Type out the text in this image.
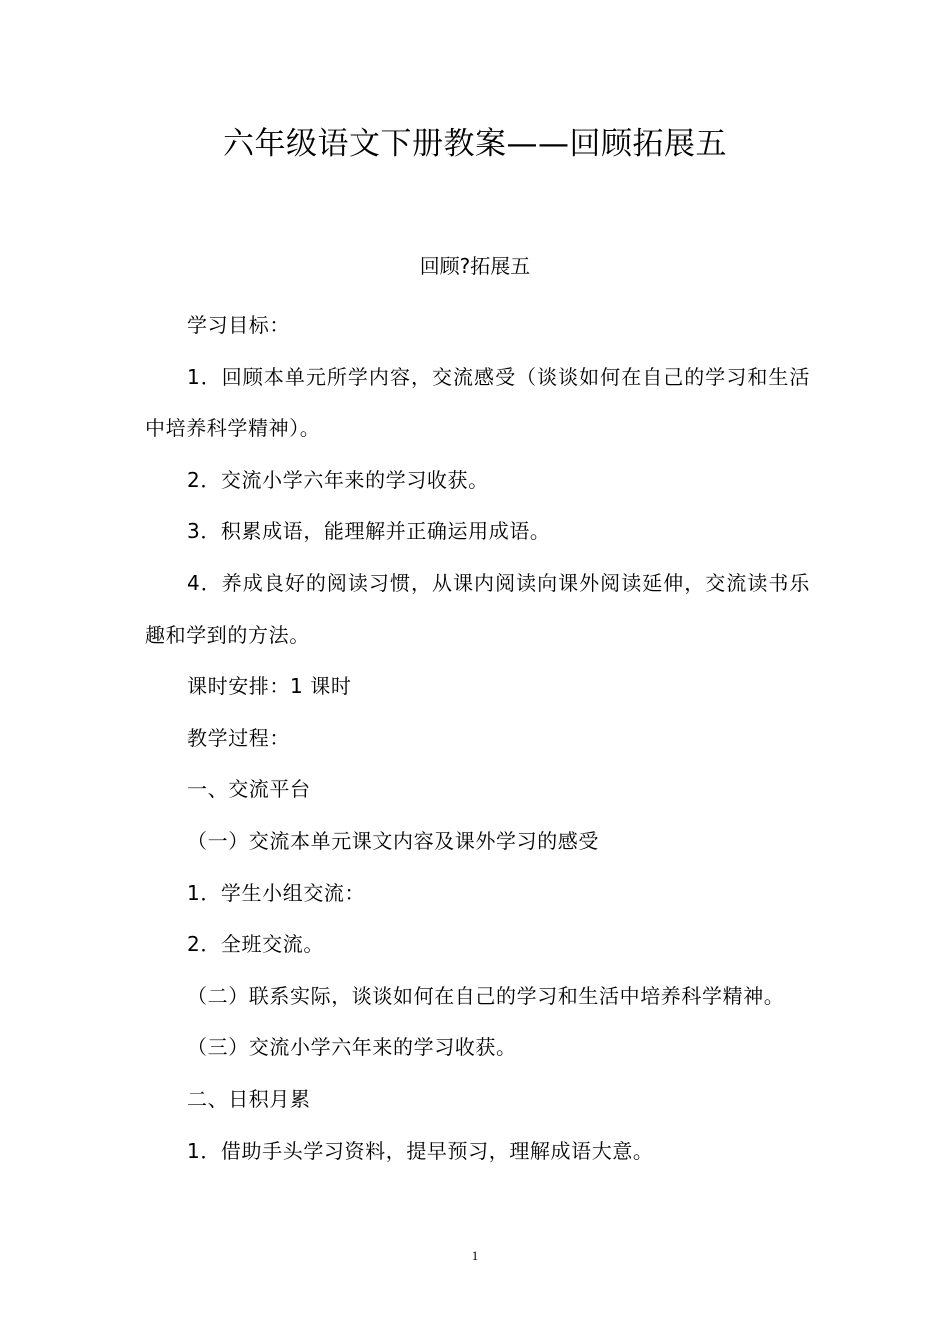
六年级语文下册教案——回顾拓展五
回顾?拓展五

学习目标：

1．回顾本单元所学内容，交流感受（谈谈如何在自己的学习和生活中培养科学精神）。

2．交流小学六年来的学习收获。

3．积累成语，能理解并正确运用成语。

4．养成良好的阅读习惯，从课内阅读向课外阅读延伸，交流读书乐趣和学到的方法。

课时安排：1 课时

教学过程：

一、交流平台

（一）交流本单元课文内容及课外学习的感受

1．学生小组交流：

2．全班交流。

（二）联系实际，谈谈如何在自己的学习和生活中培养科学精神。

（三）交流小学六年来的学习收获。

二、日积月累

1．借助手头学习资料，提早预习，理解成语大意。

1
